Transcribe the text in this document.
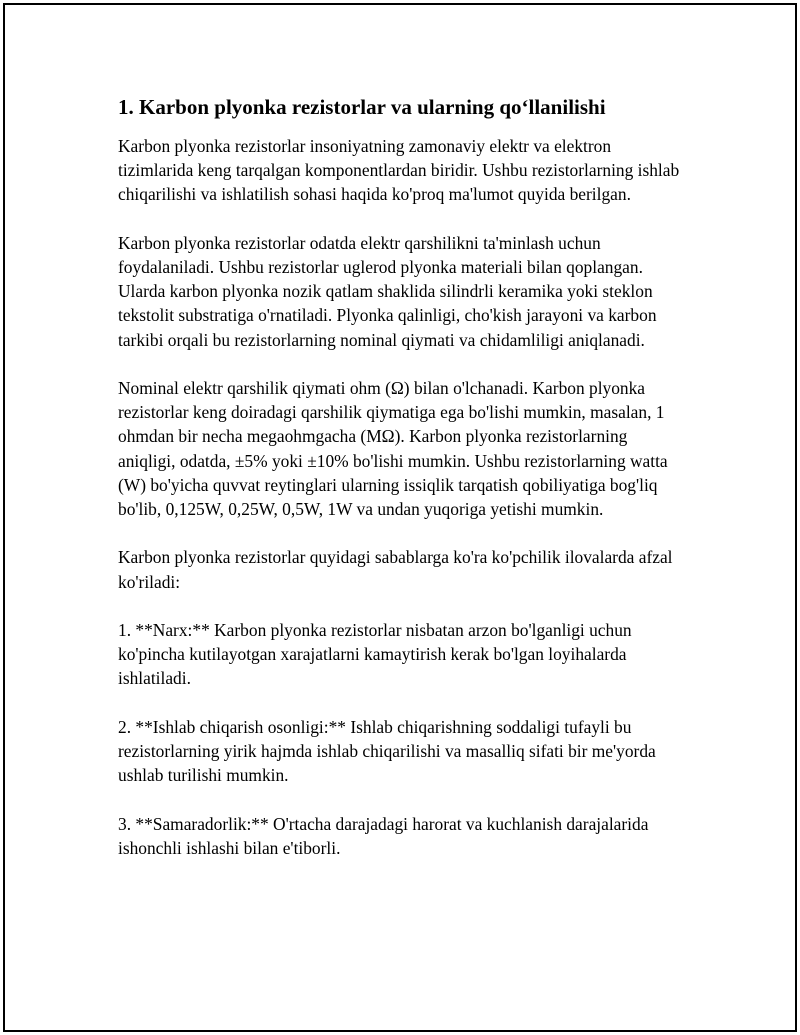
1. Karbon plyonka rezistorlar va ularning qo‘llanilishi

Karbon plyonka rezistorlar insoniyatning zamonaviy elektr va elektron tizimlarida keng tarqalgan komponentlardan biridir. Ushbu rezistorlarning ishlab chiqarilishi va ishlatilish sohasi haqida ko'proq ma'lumot quyida berilgan.

Karbon plyonka rezistorlar odatda elektr qarshilikni ta'minlash uchun foydalaniladi. Ushbu rezistorlar uglerod plyonka materiali bilan qoplangan. Ularda karbon plyonka nozik qatlam shaklida silindrli keramika yoki steklon tekstolit substratiga o'rnatiladi. Plyonka qalinligi, cho'kish jarayoni va karbon tarkibi orqali bu rezistorlarning nominal qiymati va chidamliligi aniqlanadi.

Nominal elektr qarshilik qiymati ohm (Ω) bilan o'lchanadi. Karbon plyonka rezistorlar keng doiradagi qarshilik qiymatiga ega bo'lishi mumkin, masalan, 1 ohmdan bir necha megaohmgacha (MΩ). Karbon plyonka rezistorlarning aniqligi, odatda, ±5% yoki ±10% bo'lishi mumkin. Ushbu rezistorlarning watta (W) bo'yicha quvvat reytinglari ularning issiqlik tarqatish qobiliyatiga bog'liq bo'lib, 0,125W, 0,25W, 0,5W, 1W va undan yuqoriga yetishi mumkin.

Karbon plyonka rezistorlar quyidagi sabablarga ko'ra ko'pchilik ilovalarda afzal ko'riladi:

1. **Narx:** Karbon plyonka rezistorlar nisbatan arzon bo'lganligi uchun ko'pincha kutilayotgan xarajatlarni kamaytirish kerak bo'lgan loyihalarda ishlatiladi.

2. **Ishlab chiqarish osonligi:** Ishlab chiqarishning soddaligi tufayli bu rezistorlarning yirik hajmda ishlab chiqarilishi va masalliq sifati bir me'yorda ushlab turilishi mumkin.

3. **Samaradorlik:** O'rtacha darajadagi harorat va kuchlanish darajalarida ishonchli ishlashi bilan e'tiborli.
